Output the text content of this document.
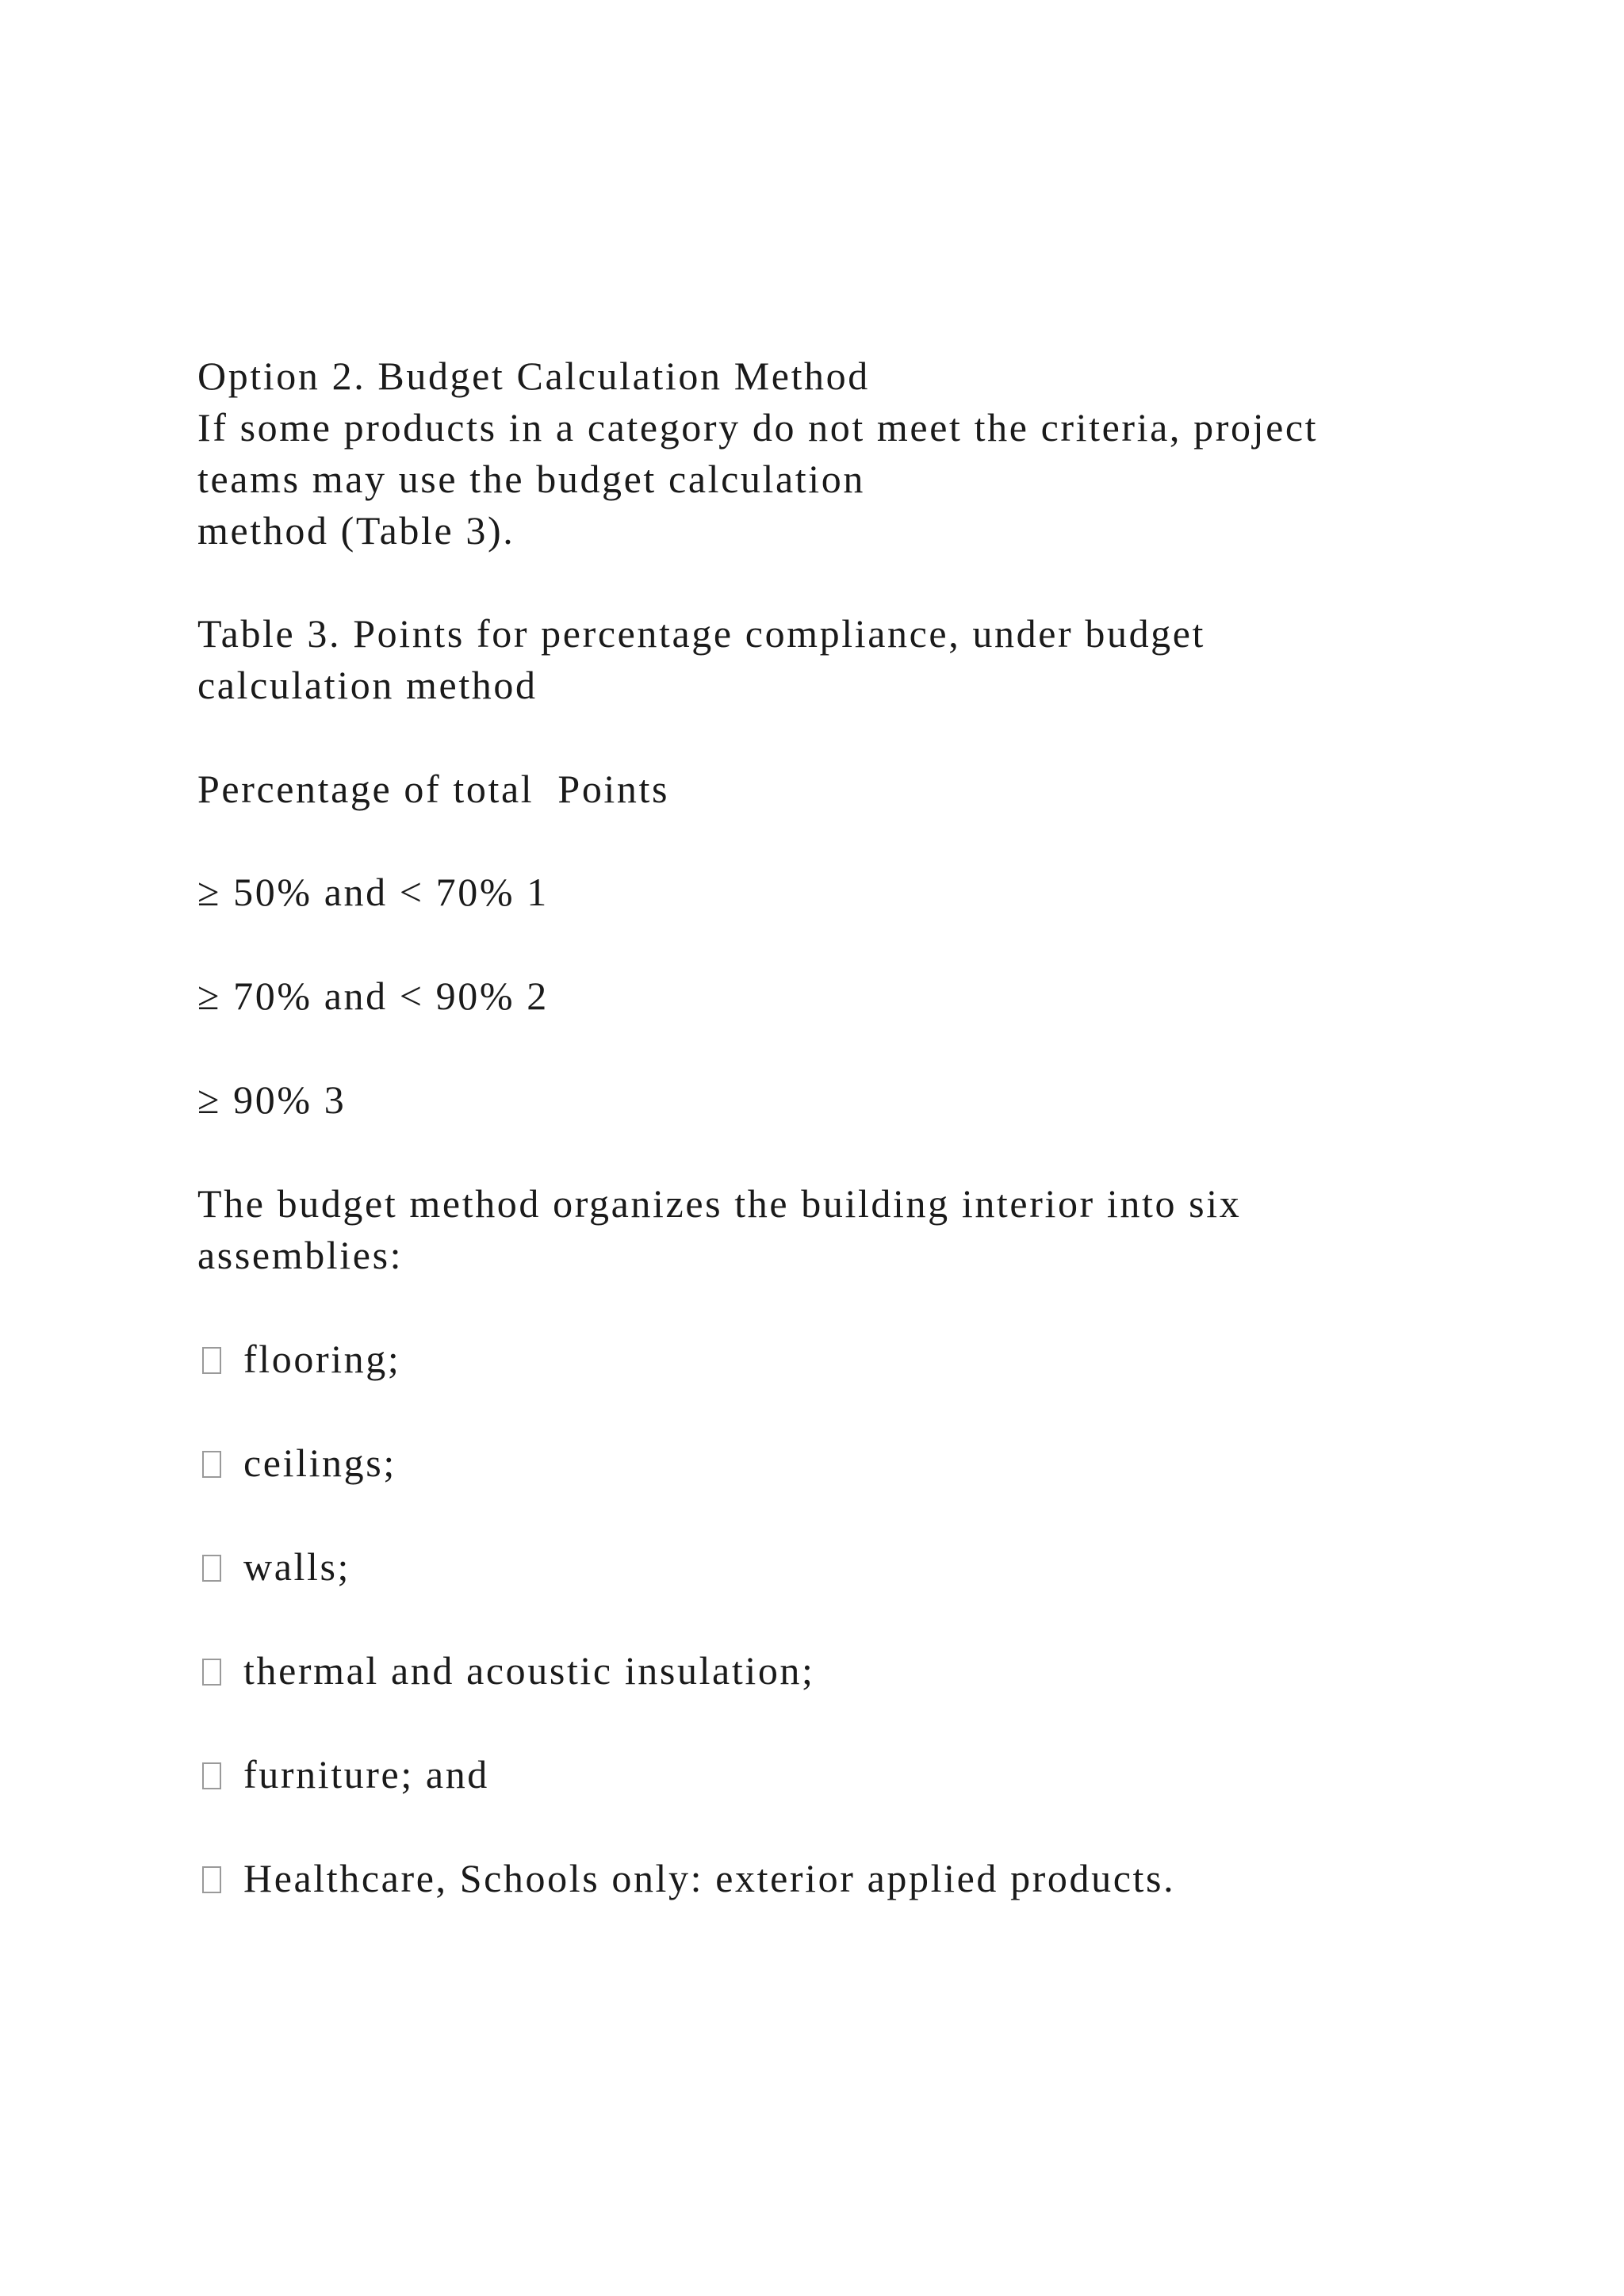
Option 2. Budget Calculation Method
If some products in a category do not meet the criteria, project
teams may use the budget calculation
method (Table 3).
Table 3. Points for percentage compliance, under budget
calculation method
Percentage of total  Points
≥ 50% and < 70% 1
≥ 70% and < 90% 2
≥ 90% 3
The budget method organizes the building interior into six
assemblies:
flooring;
ceilings;
walls;
thermal and acoustic insulation;
furniture; and
Healthcare, Schools only: exterior applied products.
